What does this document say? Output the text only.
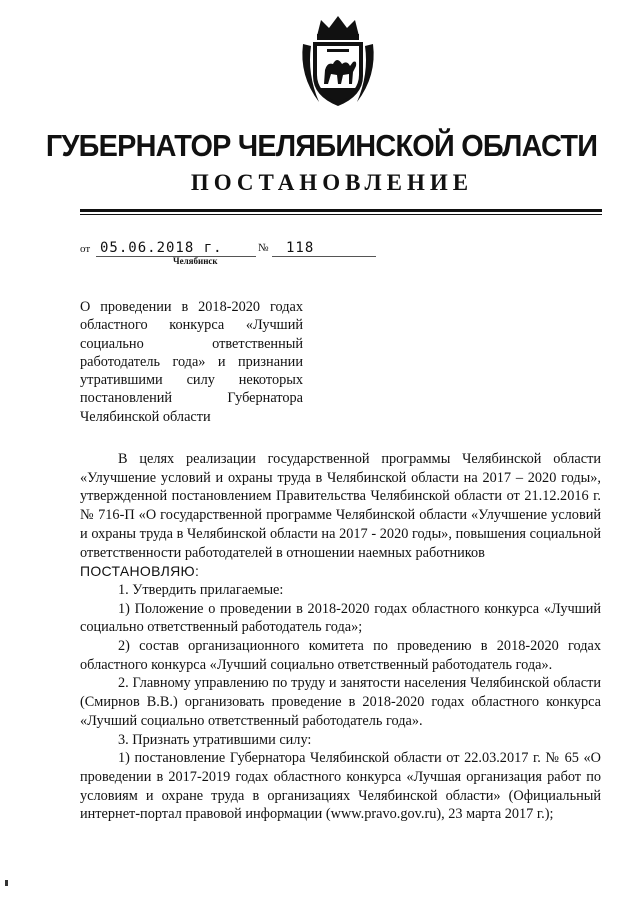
ГУБЕРНАТОР ЧЕЛЯБИНСКОЙ ОБЛАСТИ
ПОСТАНОВЛЕНИЕ
от 05.06.2018 г.	№ 118
Челябинск
О проведении в 2018-2020 годах
областного конкурса «Лучший
социально ответственный
работодатель года» и признании
утратившими силу некоторых
постановлений Губернатора
Челябинской области

В целях реализации государственной программы Челябинской области «Улучшение условий и охраны труда в Челябинской области на 2017 – 2020 годы», утвержденной постановлением Правительства Челябинской области от 21.12.2016 г. № 716-П «О государственной программе Челябинской области «Улучшение условий и охраны труда в Челябинской области на 2017 - 2020 годы», повышения социальной ответственности работодателей в отношении наемных работников

ПОСТАНОВЛЯЮ:

1. Утвердить прилагаемые:

1) Положение о проведении в 2018-2020 годах областного конкурса «Лучший социально ответственный работодатель года»;

2) состав организационного комитета по проведению в 2018-2020 годах областного конкурса «Лучший социально ответственный работодатель года».

2. Главному управлению по труду и занятости населения Челябинской области (Смирнов В.В.) организовать проведение в 2018-2020 годах областного конкурса «Лучший социально ответственный работодатель года».

3. Признать утратившими силу:

1) постановление Губернатора Челябинской области от 22.03.2017 г. № 65 «О проведении в 2017-2019 годах областного конкурса «Лучшая организация работ по условиям и охране труда в организациях Челябинской области» (Официальный интернет-портал правовой информации (www.pravo.gov.ru), 23 марта 2017 г.);
